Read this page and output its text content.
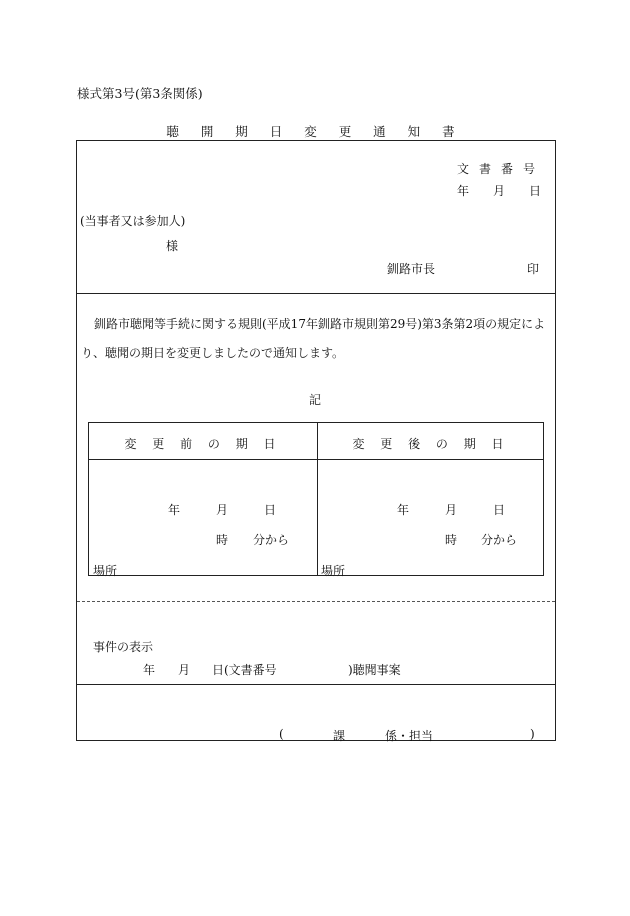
様式第3号(第3条関係)
聴 開 期 日 変 更 通 知 書
文書番号
年 月 日
(当事者又は参加人)
様
釧路市長	印
釧路市聴聞等手続に関する規則(平成17年釧路市規則第29号)第3条第2項の規定によ
り、聴聞の期日を変更しましたので通知します。
記
変 更 前 の 期 日	変 更 後 の 期 日
年	月	日
時 分から
場所
年	月	日
時 分から
場所
事件の表示
年 月 日(文書番号	)聴聞事案
(	課	係・担当	)
